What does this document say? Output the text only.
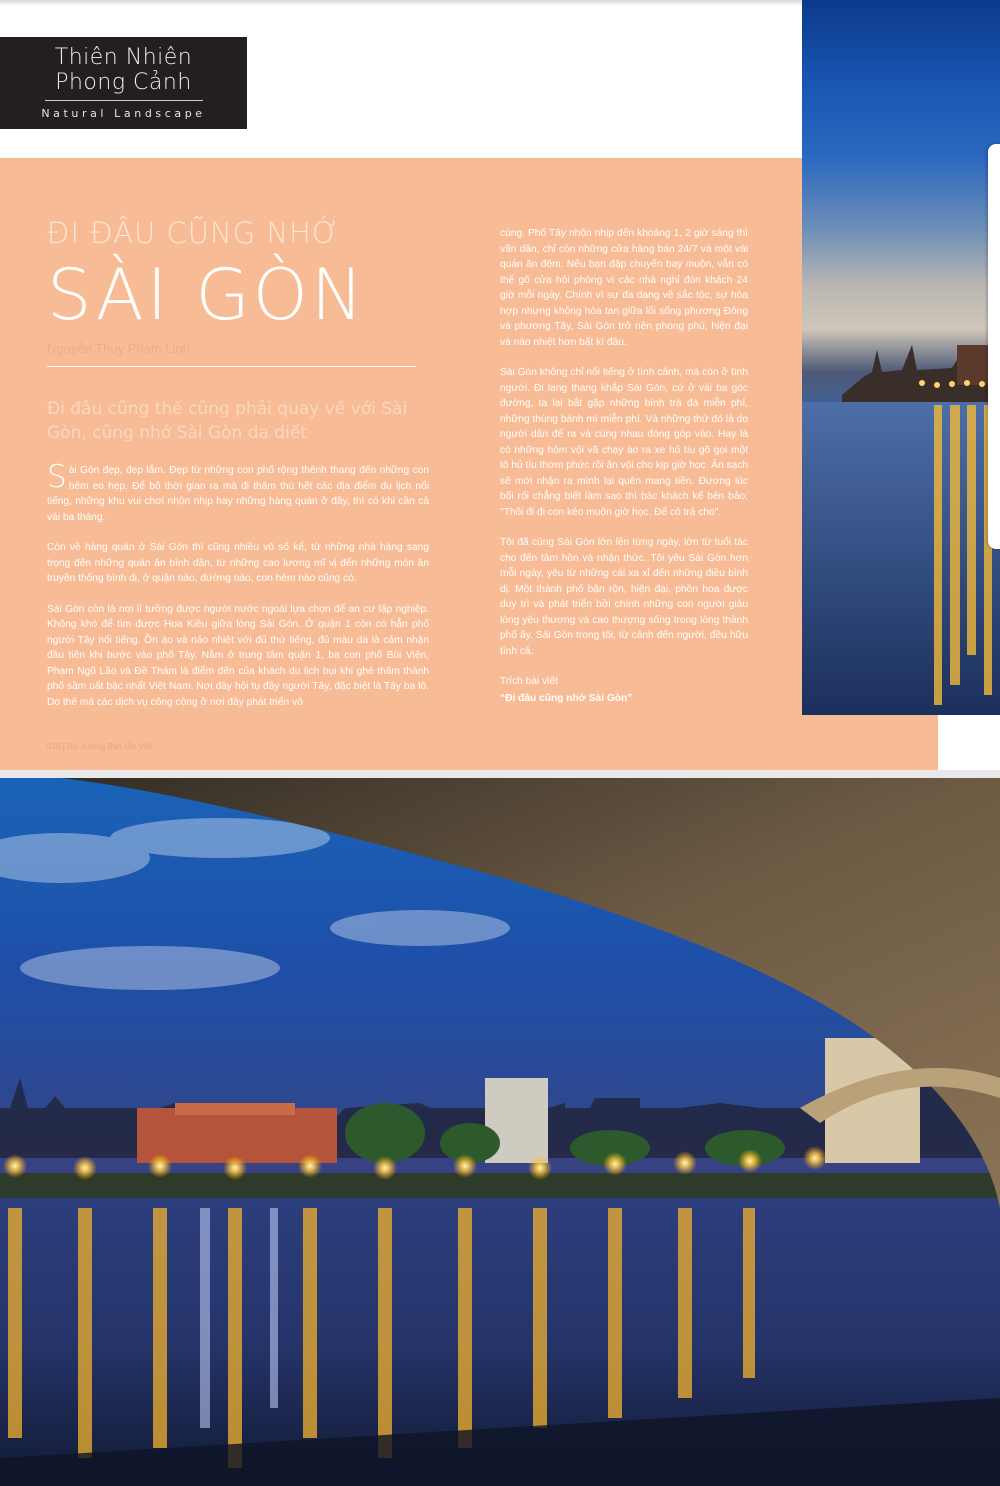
Thiên Nhiên
Phong Cảnh
Natural Landscape
ĐI ĐÂU CŨNG NHỚ
SÀI GÒN
Nguyễn Thụy Phạm Linh
Đi đâu cũng thế cũng phải quay về với Sài Gòn, cũng nhớ Sài Gòn da diết

Sài Gòn đẹp, đẹp lắm. Đẹp từ những con phố rộng thênh thang đến những con hẻm eo hẹp. Để bỏ thời gian ra mà đi thăm thú hết các địa điểm du lịch nổi tiếng, những khu vui chơi nhộn nhịp hay những hàng quán ở đây, thì có khi cần cả vài ba tháng.

Còn về hàng quán ở Sài Gòn thì cũng nhiều vô số kể, từ những nhà hàng sang trọng đến những quán ăn bình dân, từ những cao lương mĩ vị đến những món ăn truyền thống bình dị, ở quận nào, đường nào, con hẻm nào cũng có.

Sài Gòn còn là nơi lí tưởng được người nước ngoài lựa chọn để an cư lập nghiệp. Không khó để tìm được Hoa Kiều giữa lòng Sài Gòn. Ở quận 1 còn có hẳn phố người Tây nổi tiếng. Ồn ào và náo nhiệt với đủ thứ tiếng, đủ màu da là cảm nhận đầu tiên khi bước vào phố Tây. Nằm ở trung tâm quận 1, ba con phố Bùi Viện, Phạm Ngũ Lão và Đề Thám là điểm đến của khách du lịch bụi khi ghé thăm thành phố sầm uất bậc nhất Việt Nam. Nơi đây hội tụ đầy người Tây, đặc biệt là Tây ba lô. Do thế mà các dịch vụ công cộng ở nơi đây phát triển vô

cùng. Phố Tây nhộn nhịp đến khoảng 1, 2 giờ sáng thì vãn dần, chỉ còn những cửa hàng bán 24/7 và một vài quán ăn đêm. Nếu bạn đặp chuyến bay muộn, vẫn có thể gõ cửa hỏi phòng vì các nhà nghỉ đón khách 24 giờ mỗi ngày. Chính vì sự đa dạng về sắc tộc, sự hòa hợp nhưng không hòa tan giữa lối sống phương Đông và phương Tây, Sài Gòn trở nên phong phú, hiện đại và náo nhiệt hơn bất kì đâu.

Sài Gòn không chỉ nổi tiếng ở tình cảnh, mà còn ở tình người. Đi lang thang khắp Sài Gòn, cứ ở vài ba góc đường, ta lại bắt gặp những bình trà đá miễn phí, những thùng bánh mì miễn phí. Và những thứ đó là do người dân để ra và cùng nhau đóng góp vào. Hay là có những hôm vội vã chạy ào ra xe hủ tíu gõ gọi một tô hủ tíu thơm phức rồi ăn vội cho kịp giờ học. Ăn sạch sẽ mới nhận ra mình lại quên mang tiền. Đương lúc bối rối chẳng biết làm sao thì bác khách kế bên bảo: "Thôi đi đi con kẻo muộn giờ học. Để cô trả cho".

Tôi đã cùng Sài Gòn lớn lên từng ngày, lớn từ tuổi tác cho đến tâm hồn và nhận thức. Tôi yêu Sài Gòn hơn mỗi ngày, yêu từ những cái xa xỉ đến những điều bình dị. Một thành phố bận rộn, hiện đại, phồn hoa được duy trì và phát triển bởi chính những con người giàu lòng yêu thương và cao thượng sống trong lòng thành phố ấy. Sài Gòn trong tôi, từ cảnh đến người, đều hữu tình cả.

Trích bài viết
“Đi đâu cũng nhớ Sài Gòn”
016 | Dịn hướng Bản sắc Việt
